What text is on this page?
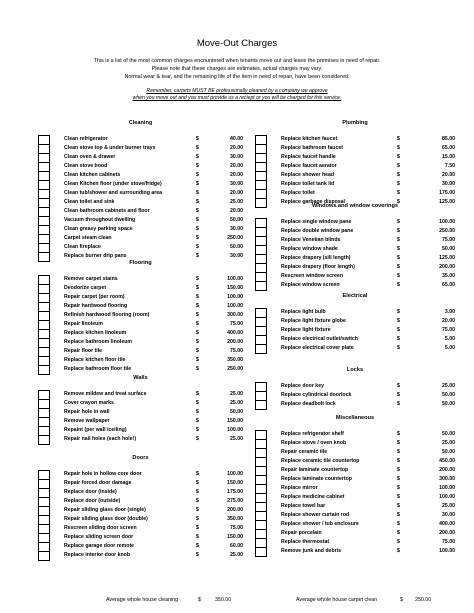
Move-Out Charges
This is a list of the most common charges encountered when tenants move out and leave the premises in need of repair.
Please note that these charges are estimates, actual charges may vary.
Normal wear & tear, and the remaining life of the item in need of repair, have been considered.
Remember, carpets MUST BE professionally cleaned by a company we approve
when you move out and you must provide us a reciept or you will be charged for this service.
Cleaning
Clean refrigerator	$	40.00
Clean stove top & under burner trays	$	20.00
Clean oven & drawer	$	30.00
Clean stove hood	$	20.00
Clean kitchen cabinets	$	20.00
Clean Kitchen floor (under stove/fridge)	$	30.00
Clean tub/shower and surrounding area	$	20.00
Clean toilet and sink	$	25.00
Clean bathroom cabinets and floor	$	20.00
Vacuum throughout dwelling	$	50.00
Clean greasy parking space	$	30.00
Carpet steam clean	$	250.00
Clean fireplace	$	50.00
Replace burner drip pans	$	30.00
Flooring
Remove carpet stains	$	100.00
Deodorize carpet	$	150.00
Repair carpet (per room)	$	100.00
Repair hardwood flooring	$	100.00
Refinish hardwood flooring (room)	$	300.00
Repair linoleum	$	75.00
Replace kitchen linoleum	$	400.00
Replace bathroom linoleum	$	200.00
Repair floor tile	$	75.00
Replace kitchen floor tile	$	350.00
Replace bathroom floor tile	$	250.00
Walls
Remove mildew and treat surface	$	25.00
Cover crayon marks	$	25.00
Repair hole in wall	$	50.00
Remove wallpaper	$	150.00
Repaint (per wall /ceiling)	$	100.00
Repair nail holes (each hole!)	$	25.00
Doors
Repair hole in hollow core door	$	100.00
Repair forced door damage	$	150.00
Replace door (inside)	$	175.00
Replace door (outside)	$	275.00
Repair sliding glass door (single)	$	200.00
Repair sliding glass door (double)	$	350.00
Rescreen sliding door screen	$	75.00
Replace sliding screen door	$	150.00
Replace garage door remote	$	60.00
Replace interior door knob	$	25.00
Plumbing
Replace kitchen faucet	$	85.00
Replace bathroom faucet	$	65.00
Replace faucet handle	$	15.00
Replace faucet aerator	$	7.50
Replace shower head	$	20.00
Replace toilet tank lid	$	30.00
Replace toilet	$	175.00
Replace garbage disposal	$	125.00
Windows and window coverings
Replace single window pane	$	100.00
Replace double window pane	$	250.00
Replace Venetian blinds	$	75.00
Replace window shade	$	50.00
Replace drapery (sill length)	$	125.00
Replace drapery (floor length)	$	200.00
Rescreen window screen	$	35.00
Replace window screen	$	65.00
Electrical
Replace light bulb	$	3.00
Replace light fixture globe	$	20.00
Replace light fixture	$	75.00
Replace electrical outlet/switch	$	5.00
Replace electrical cover plate	$	5.00
Locks
Replace door key	$	25.00
Replace cylindrical doorlock	$	50.00
Replace deadbolt lock	$	50.00
Miscellaneous
Replace refrigerator shelf	$	50.00
Replace stove / oven knob	$	25.00
Repair ceramic tile	$	50.00
Replace ceramic tile countertop	$	450.00
Repair laminate countertop	$	200.00
Replace laminate countertop	$	300.00
Replace mirror	$	100.00
Replace medicine cabinet	$	100.00
Replace towel bar	$	25.00
Replace shower curtain rod	$	30.00
Replace shower / tub enclosure	$	400.00
Repair porcelain	$	200.00
Replace thermostat	$	75.00
Remove junk and debris	$	100.00
Average whole house cleaning	$	350.00	Average whole house carpet clean	$ 250.00
